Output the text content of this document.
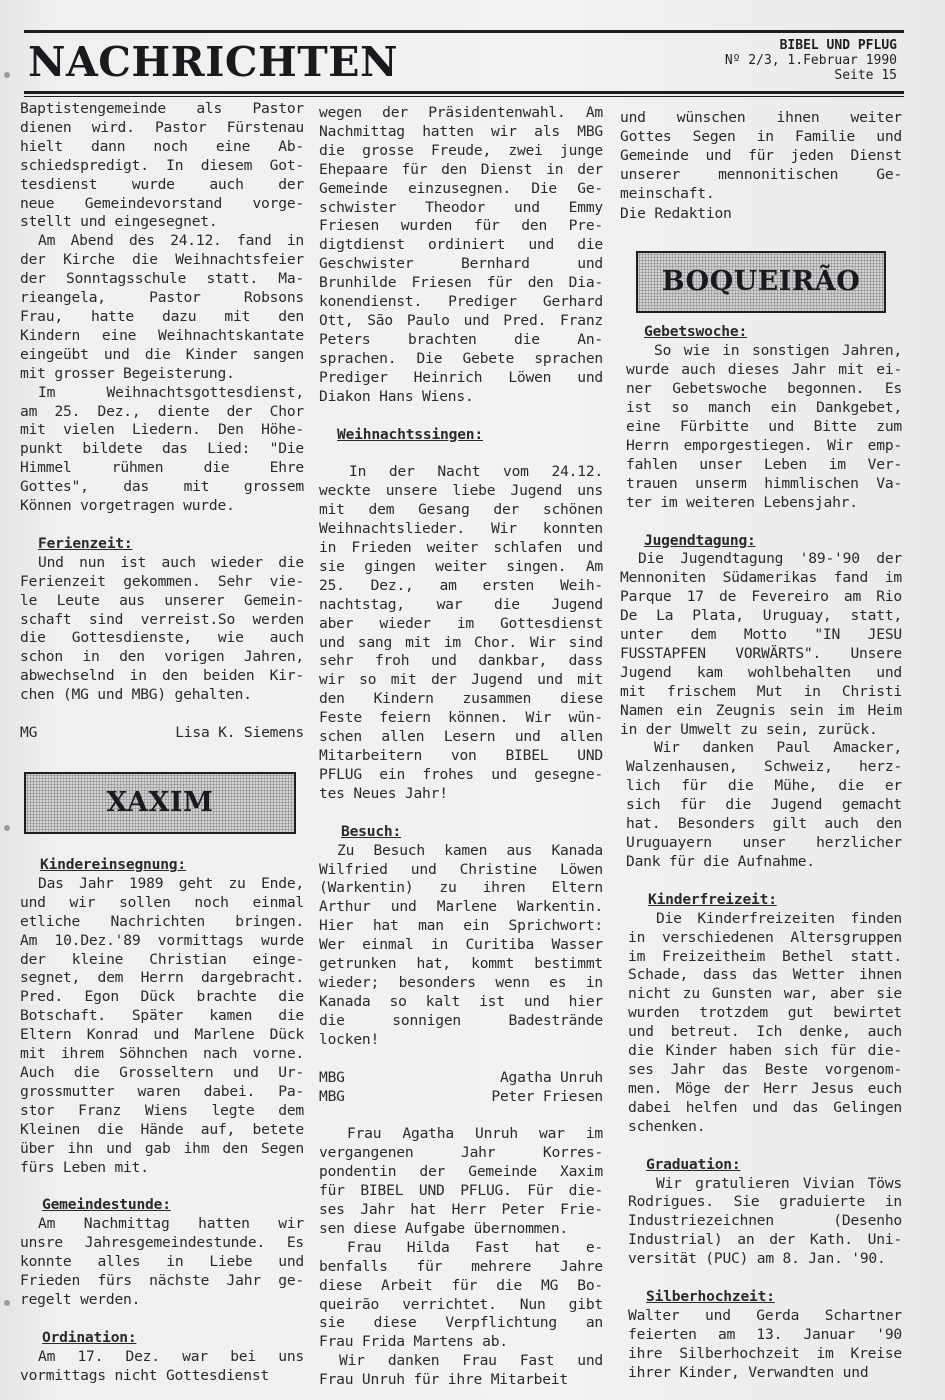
NACHRICHTEN	BIBEL UND PFLUG
Nº 2/3, 1.Februar 1990
Seite 15

Baptistengemeinde als Pastor
dienen wird. Pastor Fürstenau
hielt dann noch eine Ab-
schiedspredigt. In diesem Got-
tesdienst wurde auch der
neue Gemeindevorstand vorge-
stellt und eingesegnet.

Am Abend des 24.12. fand in
der Kirche die Weihnachtsfeier
der Sonntagsschule statt. Ma-
rieangela, Pastor Robsons
Frau, hatte dazu mit den
Kindern eine Weihnachtskantate
eingeübt und die Kinder sangen
mit grosser Begeisterung.

Im Weihnachtsgottesdienst,
am 25. Dez., diente der Chor
mit vielen Liedern. Den Höhe-
punkt bildete das Lied: "Die
Himmel rühmen die Ehre
Gottes", das mit grossem
Können vorgetragen wurde.

Ferienzeit:

Und nun ist auch wieder die
Ferienzeit gekommen. Sehr vie-
le Leute aus unserer Gemein-
schaft sind verreist.So werden
die Gottesdienste, wie auch
schon in den vorigen Jahren,
abwechselnd in den beiden Kir-
chen (MG und MBG) gehalten.

MG	Lisa K. Siemens

XAXIM

Kindereinsegnung:

Das Jahr 1989 geht zu Ende,
und wir sollen noch einmal
etliche Nachrichten bringen.
Am 10.Dez.'89 vormittags wurde
der kleine Christian einge-
segnet, dem Herrn dargebracht.
Pred. Egon Dück brachte die
Botschaft. Später kamen die
Eltern Konrad und Marlene Dück
mit ihrem Söhnchen nach vorne.
Auch die Grosseltern und Ur-
grossmutter waren dabei. Pa-
stor Franz Wiens legte dem
Kleinen die Hände auf, betete
über ihn und gab ihm den Segen
fürs Leben mit.

Gemeindestunde:

Am Nachmittag hatten wir
unsre Jahresgemeindestunde. Es
konnte alles in Liebe und
Frieden fürs nächste Jahr ge-
regelt werden.

Ordination:

Am 17. Dez. war bei uns
vormittags nicht Gottesdienst

wegen der Präsidentenwahl. Am
Nachmittag hatten wir als MBG
die grosse Freude, zwei junge
Ehepaare für den Dienst in der
Gemeinde einzusegnen. Die Ge-
schwister Theodor und Emmy
Friesen wurden für den Pre-
digtdienst ordiniert und die
Geschwister Bernhard und
Brunhilde Friesen für den Dia-
konendienst. Prediger Gerhard
Ott, São Paulo und Pred. Franz
Peters brachten die An-
sprachen. Die Gebete sprachen
Prediger Heinrich Löwen und
Diakon Hans Wiens.

Weihnachtssingen:

In der Nacht vom 24.12.
weckte unsere liebe Jugend uns
mit dem Gesang der schönen
Weihnachtslieder. Wir konnten
in Frieden weiter schlafen und
sie gingen weiter singen. Am
25. Dez., am ersten Weih-
nachtstag, war die Jugend
aber wieder im Gottesdienst
und sang mit im Chor. Wir sind
sehr froh und dankbar, dass
wir so mit der Jugend und mit
den Kindern zusammen diese
Feste feiern können. Wir wün-
schen allen Lesern und allen
Mitarbeitern von BIBEL UND
PFLUG ein frohes und gesegne-
tes Neues Jahr!

Besuch:

Zu Besuch kamen aus Kanada
Wilfried und Christine Löwen
(Warkentin) zu ihren Eltern
Arthur und Marlene Warkentin.
Hier hat man ein Sprichwort:
Wer einmal in Curitiba Wasser
getrunken hat, kommt bestimmt
wieder; besonders wenn es in
Kanada so kalt ist und hier
die sonnigen Badestrände
locken!

MBG	Agatha Unruh

MBG	Peter Friesen

Frau Agatha Unruh war im
vergangenen Jahr Korres-
pondentin der Gemeinde Xaxim
für BIBEL UND PFLUG. Für die-
ses Jahr hat Herr Peter Frie-
sen diese Aufgabe übernommen.

Frau Hilda Fast hat e-
benfalls für mehrere Jahre
diese Arbeit für die MG Bo-
queirão verrichtet. Nun gibt
sie diese Verpflichtung an
Frau Frida Martens ab.

Wir danken Frau Fast und
Frau Unruh für ihre Mitarbeit

und wünschen ihnen weiter
Gottes Segen in Familie und
Gemeinde und für jeden Dienst
unserer mennonitischen Ge-
meinschaft.

Die Redaktion

BOQUEIRÃO

Gebetswoche:

So wie in sonstigen Jahren,
wurde auch dieses Jahr mit ei-
ner Gebetswoche begonnen. Es
ist so manch ein Dankgebet,
eine Fürbitte und Bitte zum
Herrn emporgestiegen. Wir emp-
fahlen unser Leben im Ver-
trauen unserm himmlischen Va-
ter im weiteren Lebensjahr.

Jugendtagung:

Die Jugendtagung '89-'90 der
Mennoniten Südamerikas fand im
Parque 17 de Fevereiro am Rio
De La Plata, Uruguay, statt,
unter dem Motto "IN JESU
FUSSTAPFEN VORWÄRTS". Unsere
Jugend kam wohlbehalten und
mit frischem Mut in Christi
Namen ein Zeugnis sein im Heim
in der Umwelt zu sein, zurück.

Wir danken Paul Amacker,
Walzenhausen, Schweiz, herz-
lich für die Mühe, die er
sich für die Jugend gemacht
hat. Besonders gilt auch den
Uruguayern unser herzlicher
Dank für die Aufnahme.

Kinderfreizeit:

Die Kinderfreizeiten finden
in verschiedenen Altersgruppen
im Freizeitheim Bethel statt.
Schade, dass das Wetter ihnen
nicht zu Gunsten war, aber sie
wurden trotzdem gut bewirtet
und betreut. Ich denke, auch
die Kinder haben sich für die-
ses Jahr das Beste vorgenom-
men. Möge der Herr Jesus euch
dabei helfen und das Gelingen
schenken.

Graduation:

Wir gratulieren Vivian Töws
Rodrigues. Sie graduierte in
Industriezeichnen (Desenho
Industrial) an der Kath. Uni-
versität (PUC) am 8. Jan. '90.

Silberhochzeit:

Walter und Gerda Schartner
feierten am 13. Januar '90
ihre Silberhochzeit im Kreise
ihrer Kinder, Verwandten und
